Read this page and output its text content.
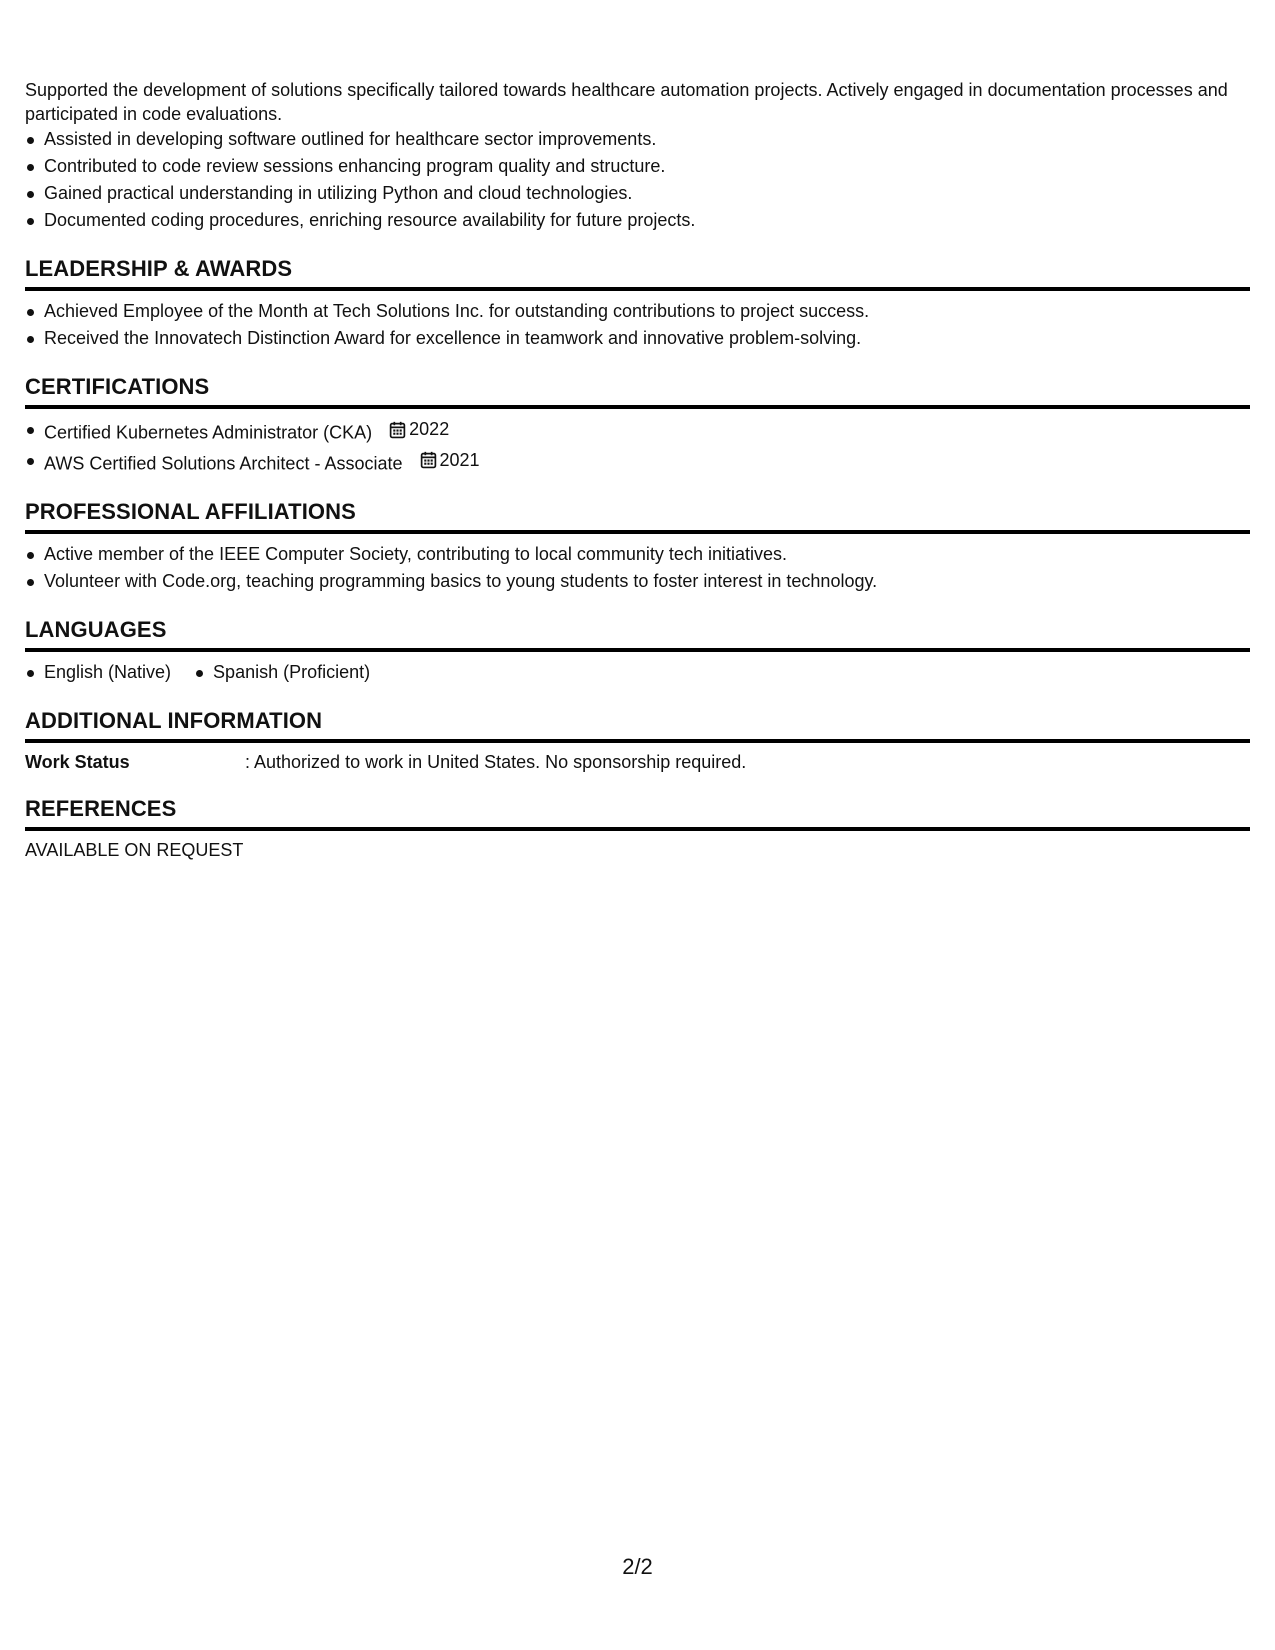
Supported the development of solutions specifically tailored towards healthcare automation projects. Actively engaged in documentation processes and participated in code evaluations.

Assisted in developing software outlined for healthcare sector improvements.
Contributed to code review sessions enhancing program quality and structure.
Gained practical understanding in utilizing Python and cloud technologies.
Documented coding procedures, enriching resource availability for future projects.
LEADERSHIP & AWARDS
Achieved Employee of the Month at Tech Solutions Inc. for outstanding contributions to project success.
Received the Innovatech Distinction Award for excellence in teamwork and innovative problem-solving.
CERTIFICATIONS
Certified Kubernetes Administrator (CKA) 2022
AWS Certified Solutions Architect - Associate 2021
PROFESSIONAL AFFILIATIONS
Active member of the IEEE Computer Society, contributing to local community tech initiatives.
Volunteer with Code.org, teaching programming basics to young students to foster interest in technology.
LANGUAGES
English (Native)	Spanish (Proficient)
ADDITIONAL INFORMATION
Work Status	: Authorized to work in United States. No sponsorship required.
REFERENCES
AVAILABLE ON REQUEST
2/2
